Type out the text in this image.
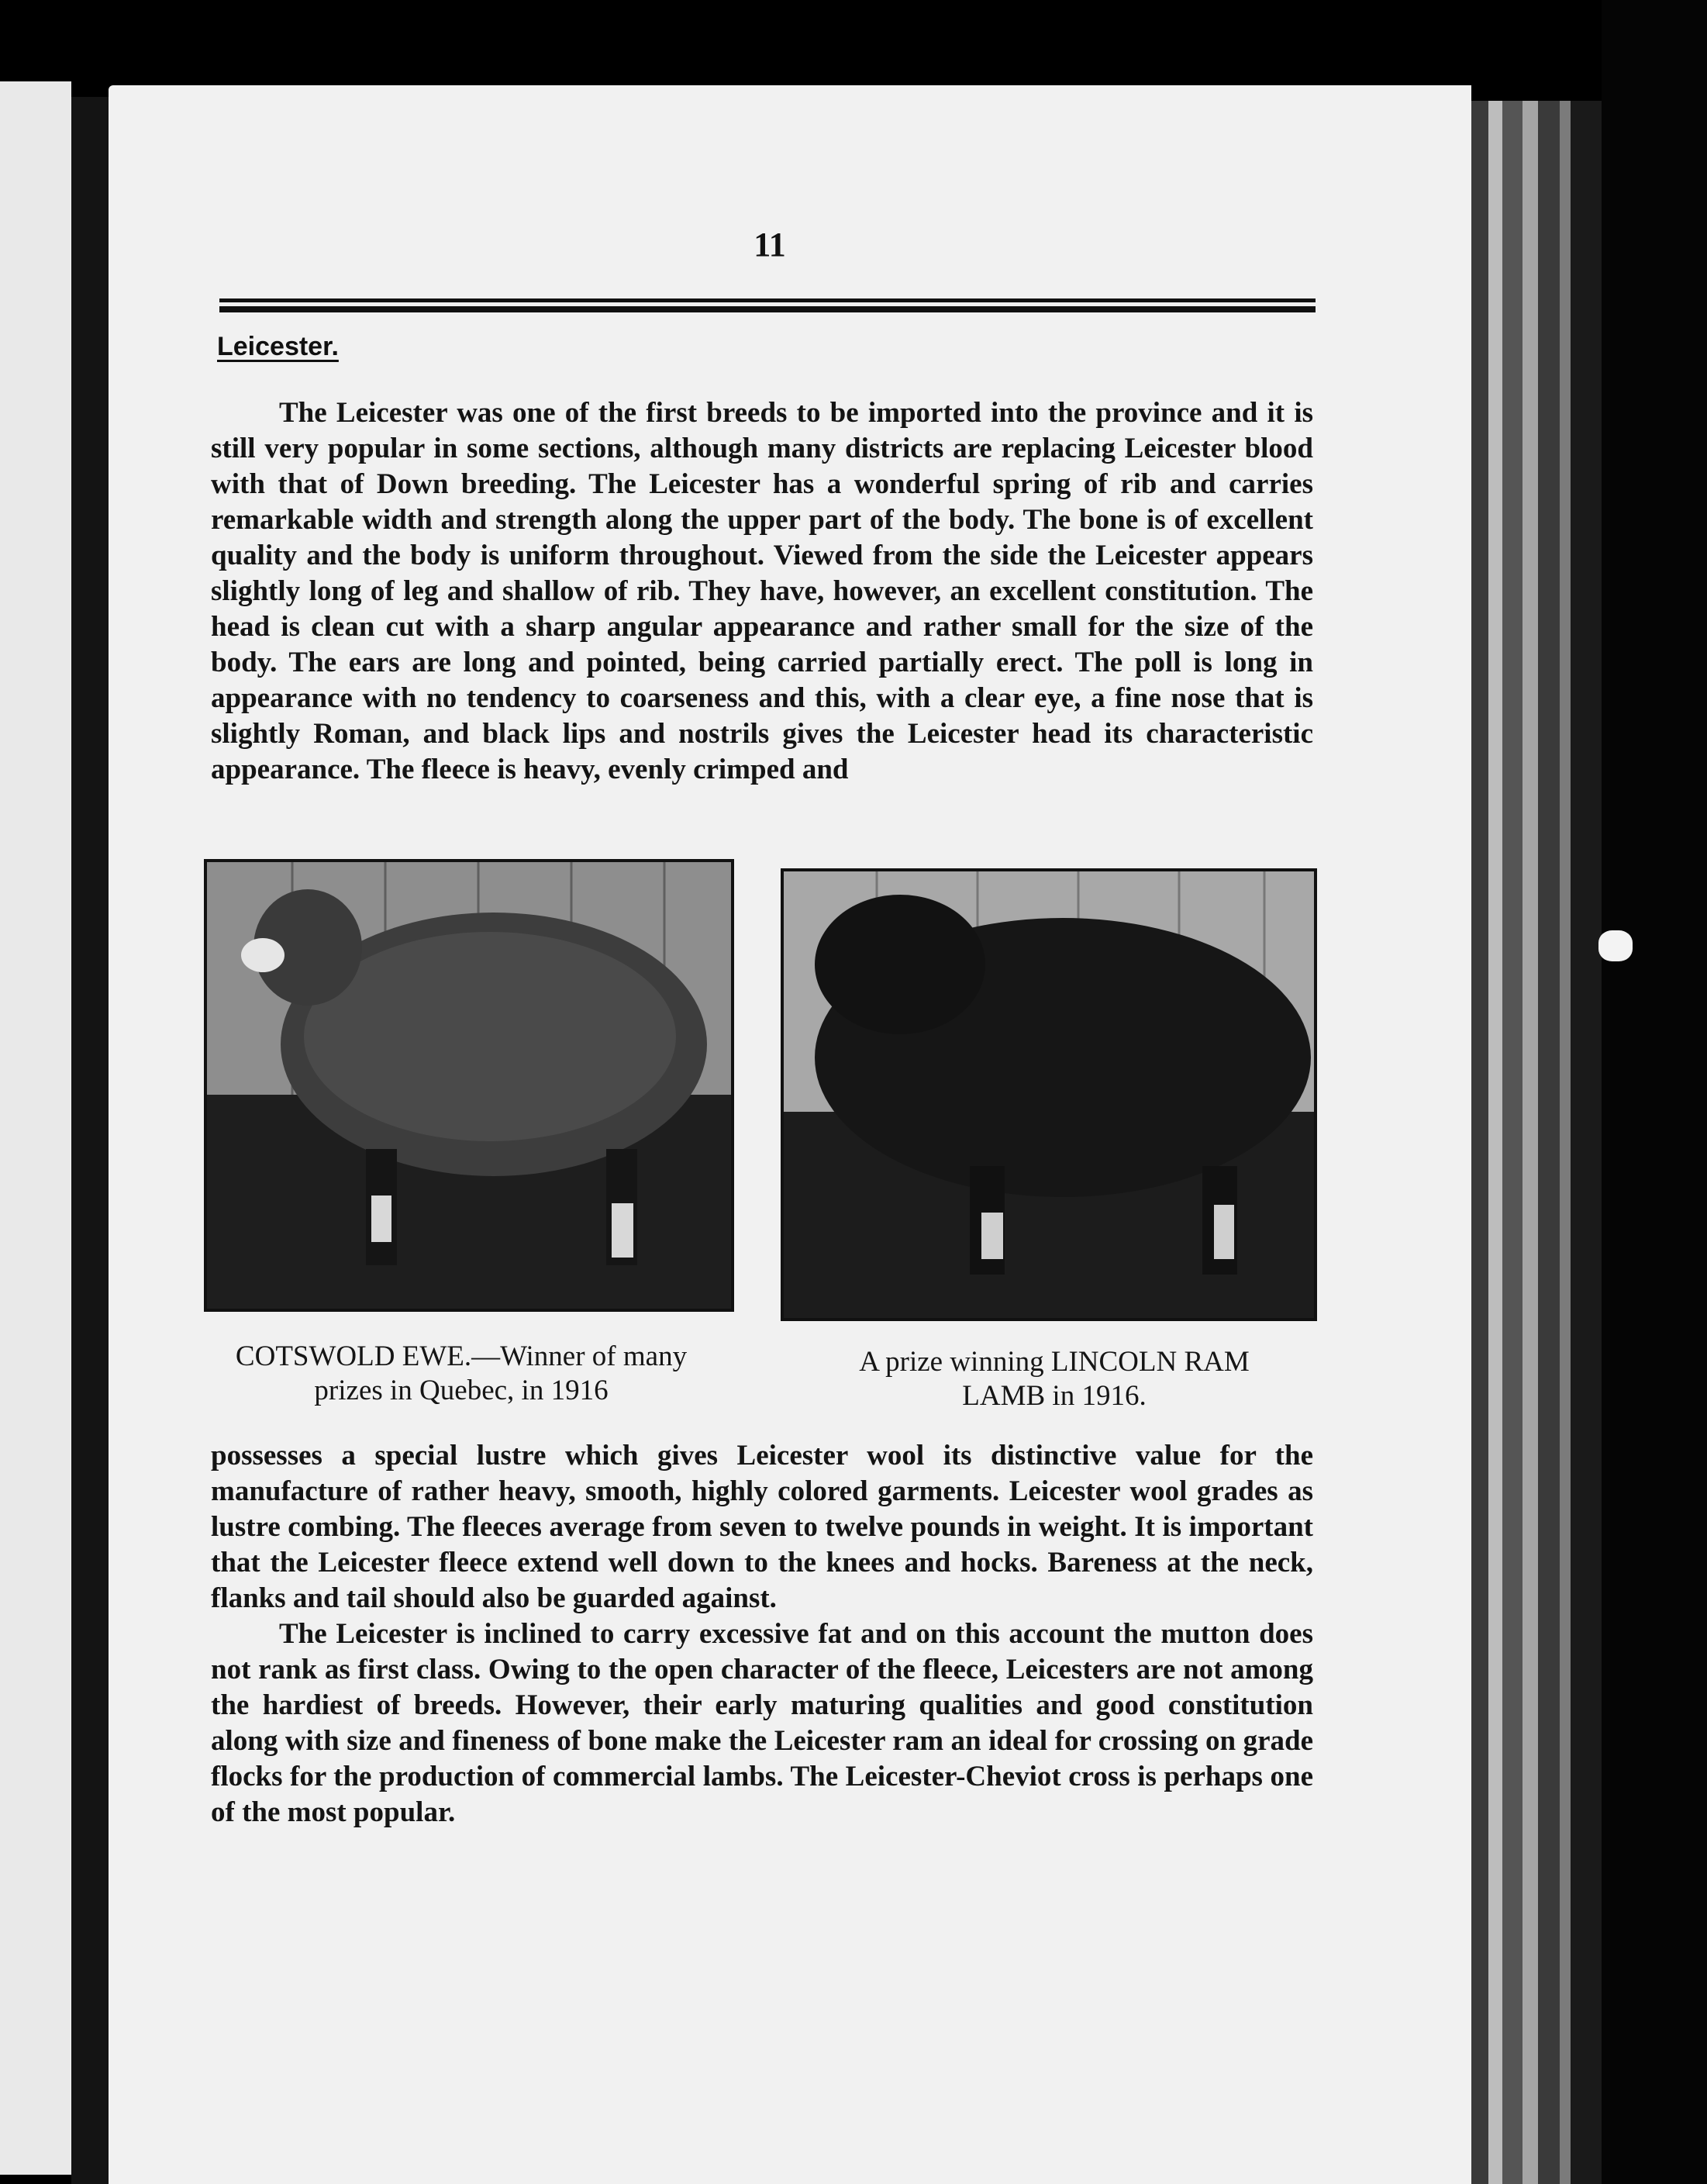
11
Leicester.

The Leicester was one of the first breeds to be imported into the province and it is still very popular in some sections, although many districts are replacing Leicester blood with that of Down breeding. The Leicester has a wonderful spring of rib and carries remarkable width and strength along the upper part of the body. The bone is of excellent quality and the body is uniform throughout. Viewed from the side the Leicester appears slightly long of leg and shallow of rib. They have, however, an excellent constitution. The head is clean cut with a sharp angular appearance and rather small for the size of the body. The ears are long and pointed, being carried partially erect. The poll is long in appearance with no tendency to coarseness and this, with a clear eye, a fine nose that is slightly Roman, and black lips and nostrils gives the Leicester head its characteristic appearance. The fleece is heavy, evenly crimped and

COTSWOLD EWE.—Winner of many
prizes in Quebec, in 1916
A prize winning LINCOLN RAM
LAMB in 1916.

possesses a special lustre which gives Leicester wool its distinctive value for the manufacture of rather heavy, smooth, highly colored garments. Leicester wool grades as lustre combing. The fleeces average from seven to twelve pounds in weight. It is important that the Leicester fleece extend well down to the knees and hocks. Bareness at the neck, flanks and tail should also be guarded against.

The Leicester is inclined to carry excessive fat and on this account the mutton does not rank as first class. Owing to the open character of the fleece, Leicesters are not among the hardiest of breeds. However, their early maturing qualities and good constitution along with size and fineness of bone make the Leicester ram an ideal for crossing on grade flocks for the production of commercial lambs. The Leicester-Cheviot cross is perhaps one of the most popular.
